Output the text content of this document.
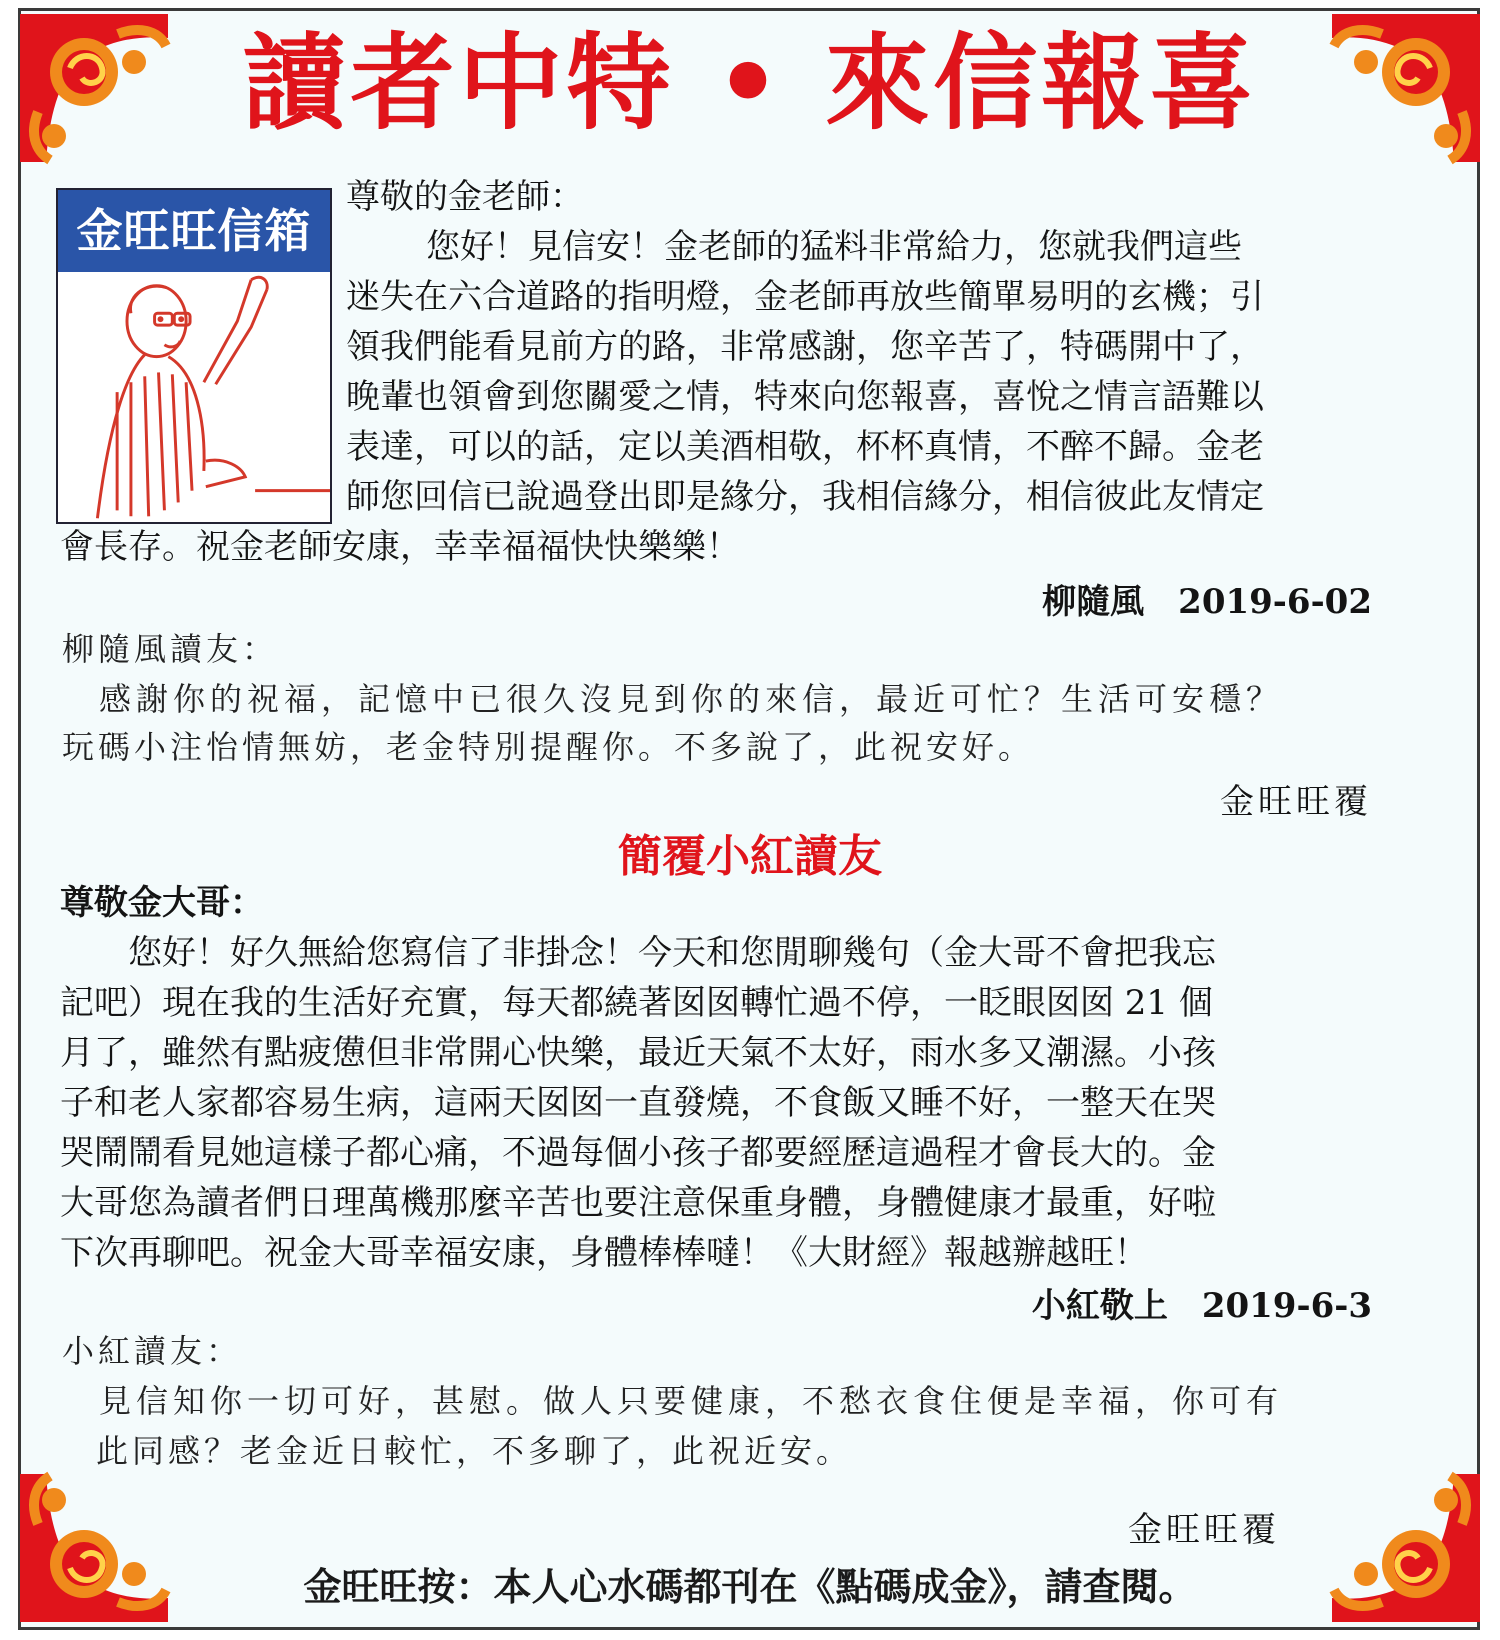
讀者中特 • 來信報喜
金旺旺信箱
尊敬的金老師：
您好！見信安！金老師的猛料非常給力，您就我們這些
迷失在六合道路的指明燈，金老師再放些簡單易明的玄機；引
領我們能看見前方的路，非常感謝，您辛苦了，特碼開中了，
晚輩也領會到您關愛之情，特來向您報喜，喜悅之情言語難以
表達，可以的話，定以美酒相敬，杯杯真情，不醉不歸。金老
師您回信已說過登出即是緣分，我相信緣分，相信彼此友情定
會長存。祝金老師安康，幸幸福福快快樂樂！
柳隨風　2019-6-02
柳隨風讀友：
　感謝你的祝福，記憶中已很久沒見到你的來信，最近可忙？生活可安穩？
玩碼小注怡情無妨，老金特別提醒你。不多說了，此祝安好。
金旺旺覆
簡覆小紅讀友
尊敬金大哥：
　　您好！好久無給您寫信了非掛念！今天和您閒聊幾句（金大哥不會把我忘
記吧）現在我的生活好充實，每天都繞著囡囡轉忙過不停，一眨眼囡囡 21 個
月了，雖然有點疲憊但非常開心快樂，最近天氣不太好，雨水多又潮濕。小孩
子和老人家都容易生病，這兩天囡囡一直發燒，不食飯又睡不好，一整天在哭
哭鬧鬧看見她這樣子都心痛，不過每個小孩子都要經歷這過程才會長大的。金
大哥您為讀者們日理萬機那麼辛苦也要注意保重身體，身體健康才最重，好啦
下次再聊吧。祝金大哥幸福安康，身體棒棒噠！《大財經》報越辦越旺！
小紅敬上　2019-6-3
小紅讀友：
　見信知你一切可好，甚慰。做人只要健康，不愁衣食住便是幸福，你可有
此同感？老金近日較忙，不多聊了，此祝近安。
金旺旺覆
金旺旺按：本人心水碼都刊在《點碼成金》，請查閱。
